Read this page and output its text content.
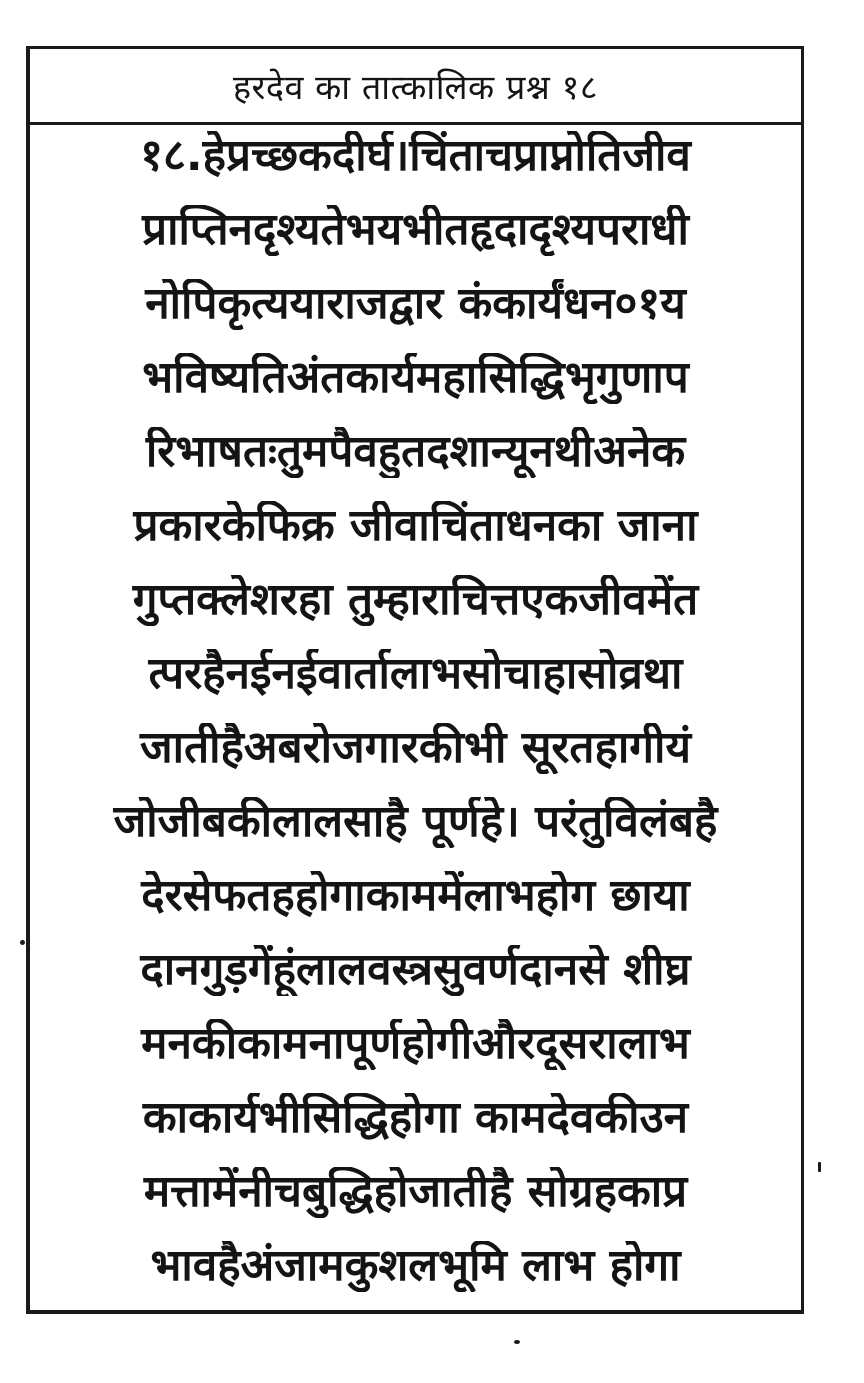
हरदेव का तात्कालिक प्रश्न १८
१८.हेप्रच्छकदीर्घ।चिंताचप्राप्नोतिजीव
प्राप्तिनदृश्यतेभयभीतहृदादृश्यपराधी
नोपिकृत्ययाराजद्वार कंकार्यंधन०१य
भविष्यतिअंतकार्यमहासिद्धिभृगुणाप
रिभाषतःतुमपैवहुतदशान्यूनथीअनेक
प्रकारकेफिक्र जीवाचिंताधनका जाना
गुप्तक्लेशरहा तुम्हाराचित्तएकजीवमेंत
त्परहैनईनईवार्तालाभसोचाहासोव्रथा
जातीहैअबरोजगारकीभी सूरतहागीयं
जोजीबकीलालसाहै पूर्णहे। परंतुविलंबहै
देरसेफतहहोगाकाममेंलाभहोग छाया
दानगुड़गेंहूंलालवस्त्रसुवर्णदानसे शीघ्र
मनकीकामनापूर्णहोगीऔरदूसरालाभ
काकार्यभीसिद्धिहोगा कामदेवकीउन
मत्तामेंनीचबुद्धिहोजातीहै सोग्रहकाप्र
भावहैअंजामकुशलभूमि लाभ होगा
